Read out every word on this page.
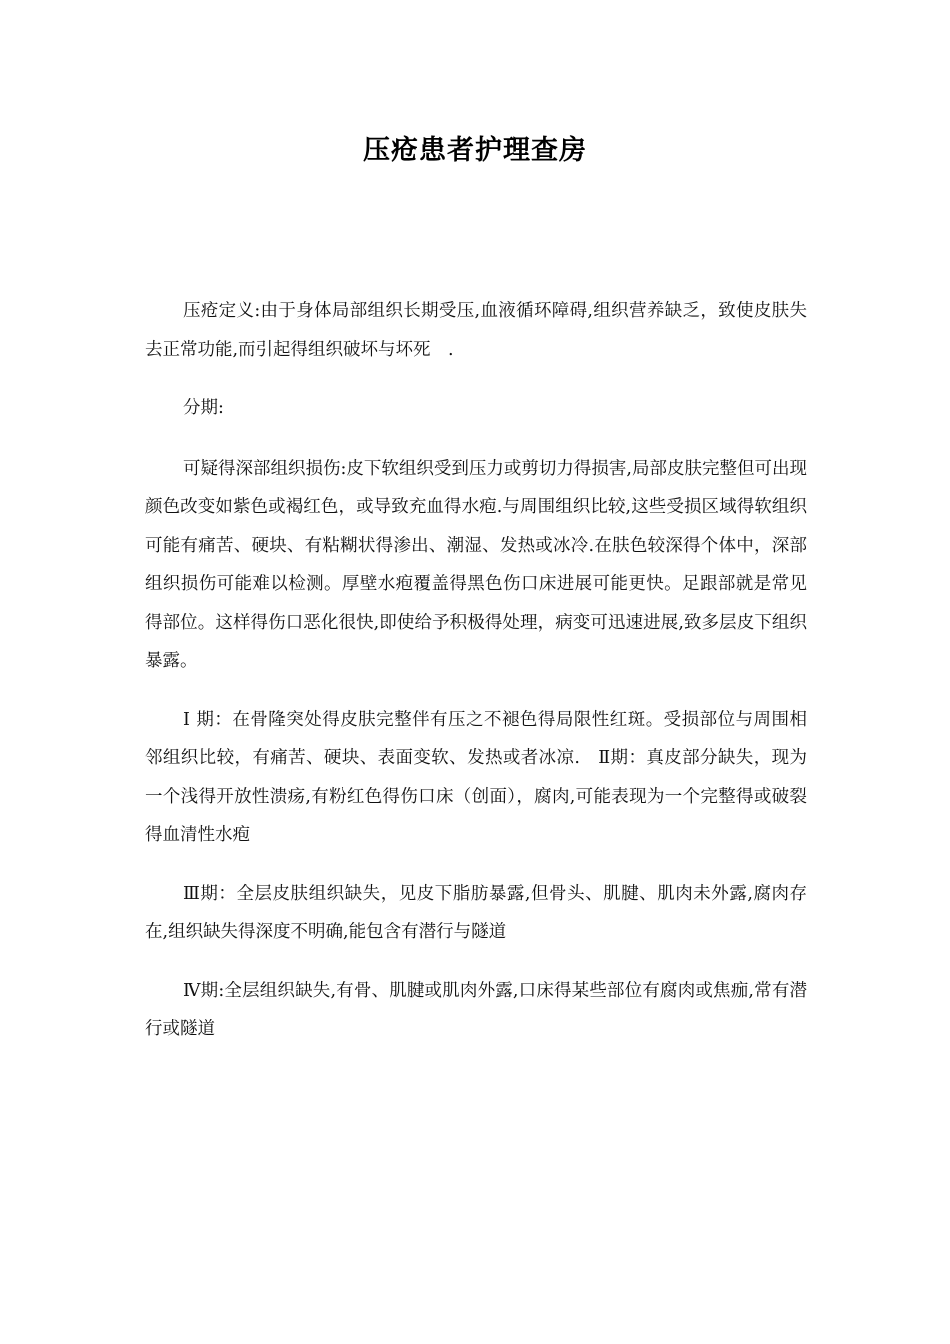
压疮患者护理查房

压疮定义:由于身体局部组织长期受压,血液循环障碍,组织营养缺乏，致使皮肤失去正常功能,而引起得组织破坏与坏死　.

分期:

可疑得深部组织损伤:皮下软组织受到压力或剪切力得损害,局部皮肤完整但可出现颜色改变如紫色或褐红色，或导致充血得水疱.与周围组织比较,这些受损区域得软组织可能有痛苦、硬块、有粘糊状得渗出、潮湿、发热或冰冷.在肤色较深得个体中，深部组织损伤可能难以检测。厚壁水疱覆盖得黑色伤口床进展可能更快。足跟部就是常见得部位。这样得伤口恶化很快,即使给予积极得处理，病变可迅速进展,致多层皮下组织暴露。

Ⅰ 期：在骨隆突处得皮肤完整伴有压之不褪色得局限性红斑。受损部位与周围相邻组织比较，有痛苦、硬块、表面变软、发热或者冰凉.　Ⅱ期：真皮部分缺失，现为一个浅得开放性溃疡,有粉红色得伤口床（创面），腐肉,可能表现为一个完整得或破裂得血清性水疱

Ⅲ期：全层皮肤组织缺失，见皮下脂肪暴露,但骨头、肌腱、肌肉未外露,腐肉存在,组织缺失得深度不明确,能包含有潜行与隧道

Ⅳ期:全层组织缺失,有骨、肌腱或肌肉外露,口床得某些部位有腐肉或焦痂,常有潜行或隧道
